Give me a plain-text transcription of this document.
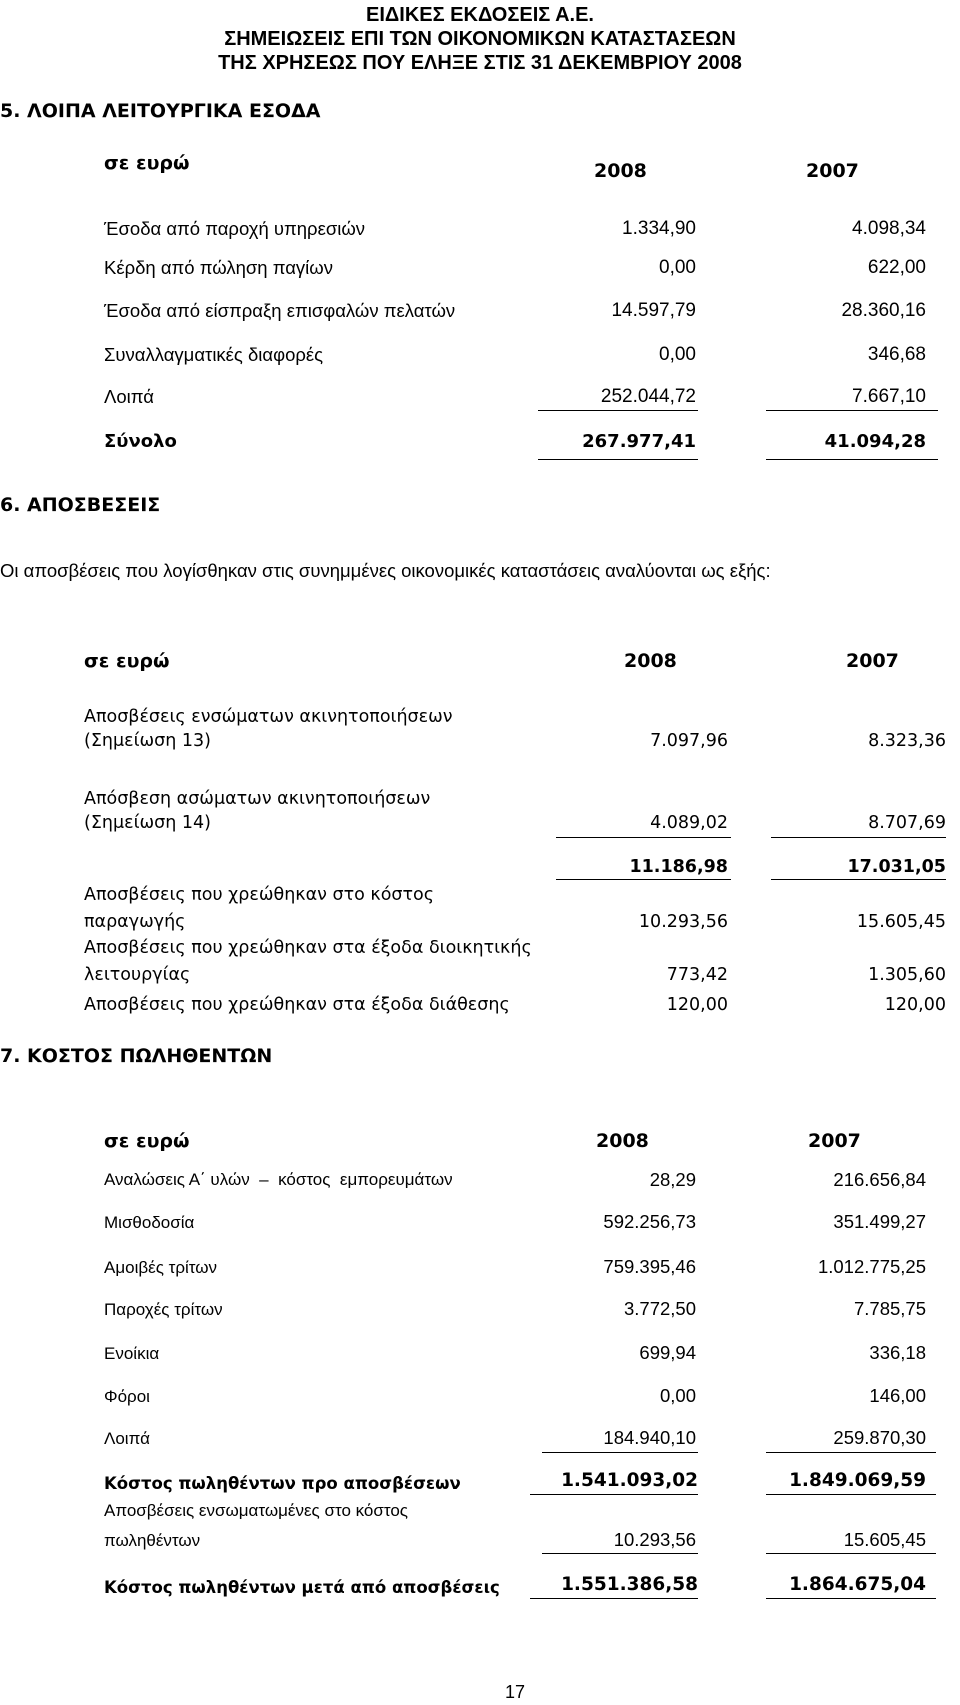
ΕΙΔΙΚΕΣ ΕΚΔΟΣΕΙΣ Α.Ε.
ΣΗΜΕΙΩΣΕΙΣ ΕΠΙ ΤΩΝ ΟΙΚΟΝΟΜΙΚΩΝ ΚΑΤΑΣΤΑΣΕΩΝ
ΤΗΣ ΧΡΗΣΕΩΣ ΠΟΥ ΕΛΗΞΕ ΣΤΙΣ 31 ΔΕΚΕΜΒΡΙΟΥ 2008
5. ΛΟΙΠΑ ΛΕΙΤΟΥΡΓΙΚΑ ΕΣΟΔΑ
σε ευρώ	2008	2007
Έσοδα από παροχή υπηρεσιών	1.334,90	4.098,34
Κέρδη από πώληση παγίων	0,00	622,00
Έσοδα από είσπραξη επισφαλών πελατών	14.597,79	28.360,16
Συναλλαγματικές διαφορές	0,00	346,68
Λοιπά	252.044,72	7.667,10
Σύνολο	267.977,41	41.094,28
6. ΑΠΟΣΒΕΣΕΙΣ
Οι αποσβέσεις που λογίσθηκαν στις συνημμένες οικονομικές καταστάσεις αναλύονται ως εξής:
σε ευρώ	2008	2007
Αποσβέσεις ενσώματων ακινητοποιήσεων
(Σημείωση 13)	7.097,96	8.323,36
Απόσβεση ασώματων ακινητοποιήσεων
(Σημείωση 14)	4.089,02	8.707,69
11.186,98	17.031,05
Αποσβέσεις που χρεώθηκαν στο κόστος
παραγωγής	10.293,56	15.605,45
Αποσβέσεις που χρεώθηκαν στα έξοδα διοικητικής
λειτουργίας	773,42	1.305,60
Αποσβέσεις που χρεώθηκαν στα έξοδα διάθεσης	120,00	120,00
7. ΚΟΣΤΟΣ ΠΩΛΗΘΕΝΤΩΝ
σε ευρώ	2008	2007
Αναλώσεις Α΄ υλών  –  κόστος  εμπορευμάτων	28,29	216.656,84
Μισθοδοσία	592.256,73	351.499,27
Αμοιβές τρίτων	759.395,46	1.012.775,25
Παροχές τρίτων	3.772,50	7.785,75
Ενοίκια	699,94	336,18
Φόροι	0,00	146,00
Λοιπά	184.940,10	259.870,30
Κόστος πωληθέντων προ αποσβέσεων	1.541.093,02	1.849.069,59
Αποσβέσεις ενσωματωμένες στο κόστος
πωληθέντων	10.293,56	15.605,45
Κόστος πωληθέντων μετά από αποσβέσεις	1.551.386,58	1.864.675,04
17
